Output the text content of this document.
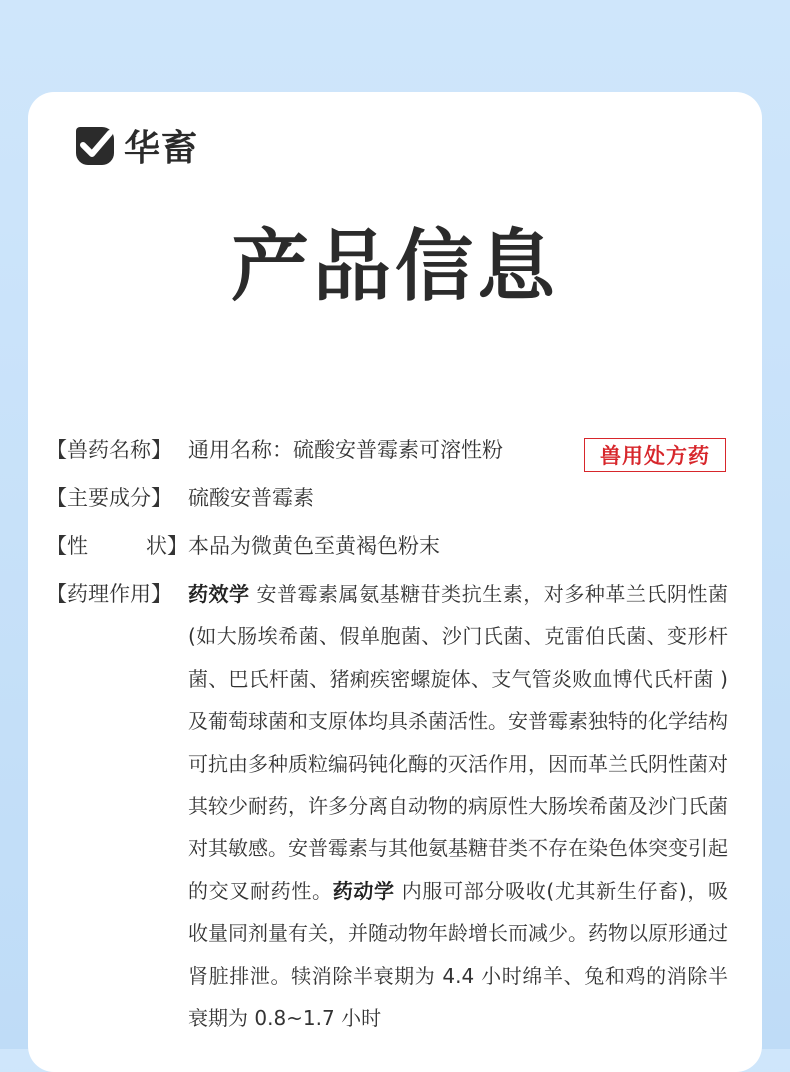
华畜
产品信息
兽用处方药
【兽药名称】 通用名称：硫酸安普霉素可溶性粉
【主要成分】 硫酸安普霉素
【性	状】 本品为微黄色至黄褐色粉末
【药理作用】 药效学 安普霉素属氨基糖苷类抗生素，对多种革兰氏阴性菌(如大肠埃希菌、假单胞菌、沙门氏菌、克雷伯氏菌、变形杆菌、巴氏杆菌、猪痢疾密螺旋体、支气管炎败血博代氏杆菌 ) 及葡萄球菌和支原体均具杀菌活性。安普霉素独特的化学结构可抗由多种质粒编码钝化酶的灭活作用，因而革兰氏阴性菌对其较少耐药，许多分离自动物的病原性大肠埃希菌及沙门氏菌对其敏感。安普霉素与其他氨基糖苷类不存在染色体突变引起的交叉耐药性。药动学 内服可部分吸收(尤其新生仔畜)，吸收量同剂量有关，并随动物年龄增长而减少。药物以原形通过肾脏排泄。犊消除半衰期为 4.4 小时绵羊、兔和鸡的消除半衰期为 0.8~1.7 小时
